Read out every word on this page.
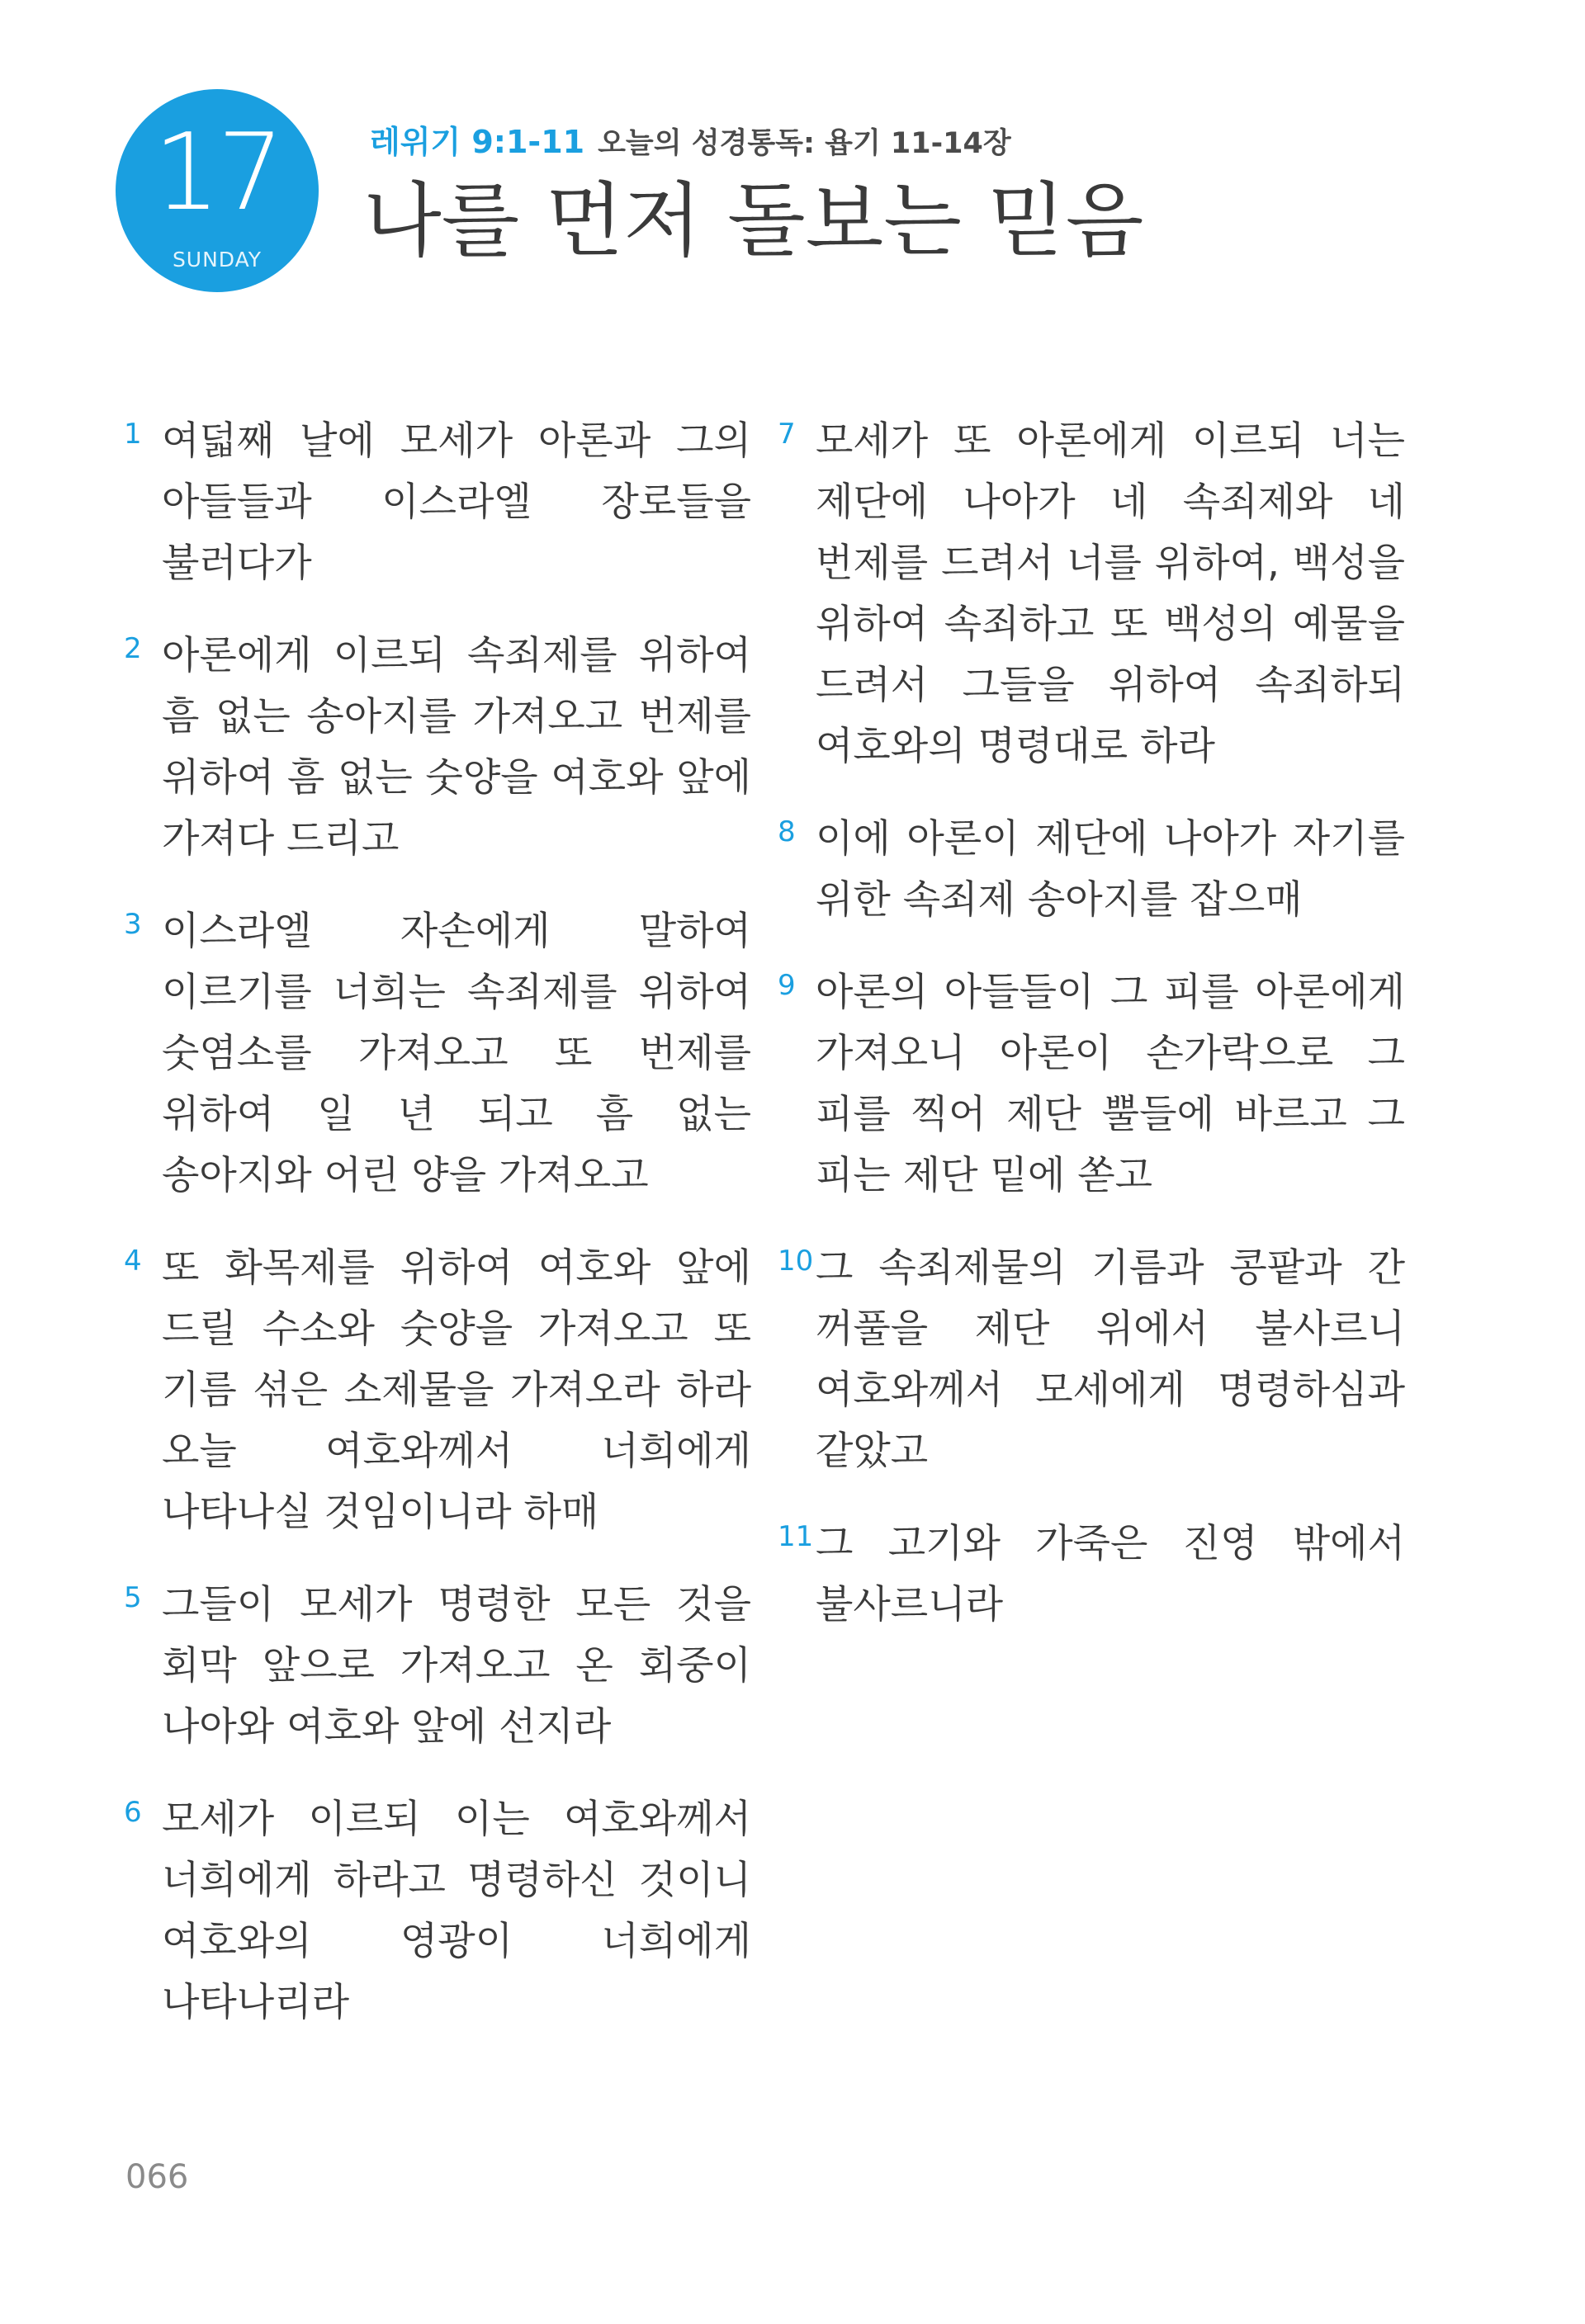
17
SUNDAY
레위기 9:1-11 오늘의 성경통독: 욥기 11-14장
나를 먼저 돌보는 믿음
1 여덟째 날에 모세가 아론과 그의 아들들과 이스라엘 장로들을 불러다가
2 아론에게 이르되 속죄제를 위하여 흠 없는 송아지를 가져오고 번제를 위하여 흠 없는 숫양을 여호와 앞에 가져다 드리고
3 이스라엘 자손에게 말하여 이르기를 너희는 속죄제를 위하여 숫염소를 가져오고 또 번제를 위하여 일 년 되고 흠 없는 송아지와 어린 양을 가져오고
4 또 화목제를 위하여 여호와 앞에 드릴 수소와 숫양을 가져오고 또 기름 섞은 소제물을 가져오라 하라 오늘 여호와께서 너희에게 나타나실 것임이니라 하매
5 그들이 모세가 명령한 모든 것을 회막 앞으로 가져오고 온 회중이 나아와 여호와 앞에 선지라
6 모세가 이르되 이는 여호와께서 너희에게 하라고 명령하신 것이니 여호와의 영광이 너희에게 나타나리라
7 모세가 또 아론에게 이르되 너는 제단에 나아가 네 속죄제와 네 번제를 드려서 너를 위하여, 백성을 위하여 속죄하고 또 백성의 예물을 드려서 그들을 위하여 속죄하되 여호와의 명령대로 하라
8 이에 아론이 제단에 나아가 자기를 위한 속죄제 송아지를 잡으매
9 아론의 아들들이 그 피를 아론에게 가져오니 아론이 손가락으로 그 피를 찍어 제단 뿔들에 바르고 그 피는 제단 밑에 쏟고
10 그 속죄제물의 기름과 콩팥과 간 꺼풀을 제단 위에서 불사르니 여호와께서 모세에게 명령하심과 같았고
11 그 고기와 가죽은 진영 밖에서 불사르니라
066
